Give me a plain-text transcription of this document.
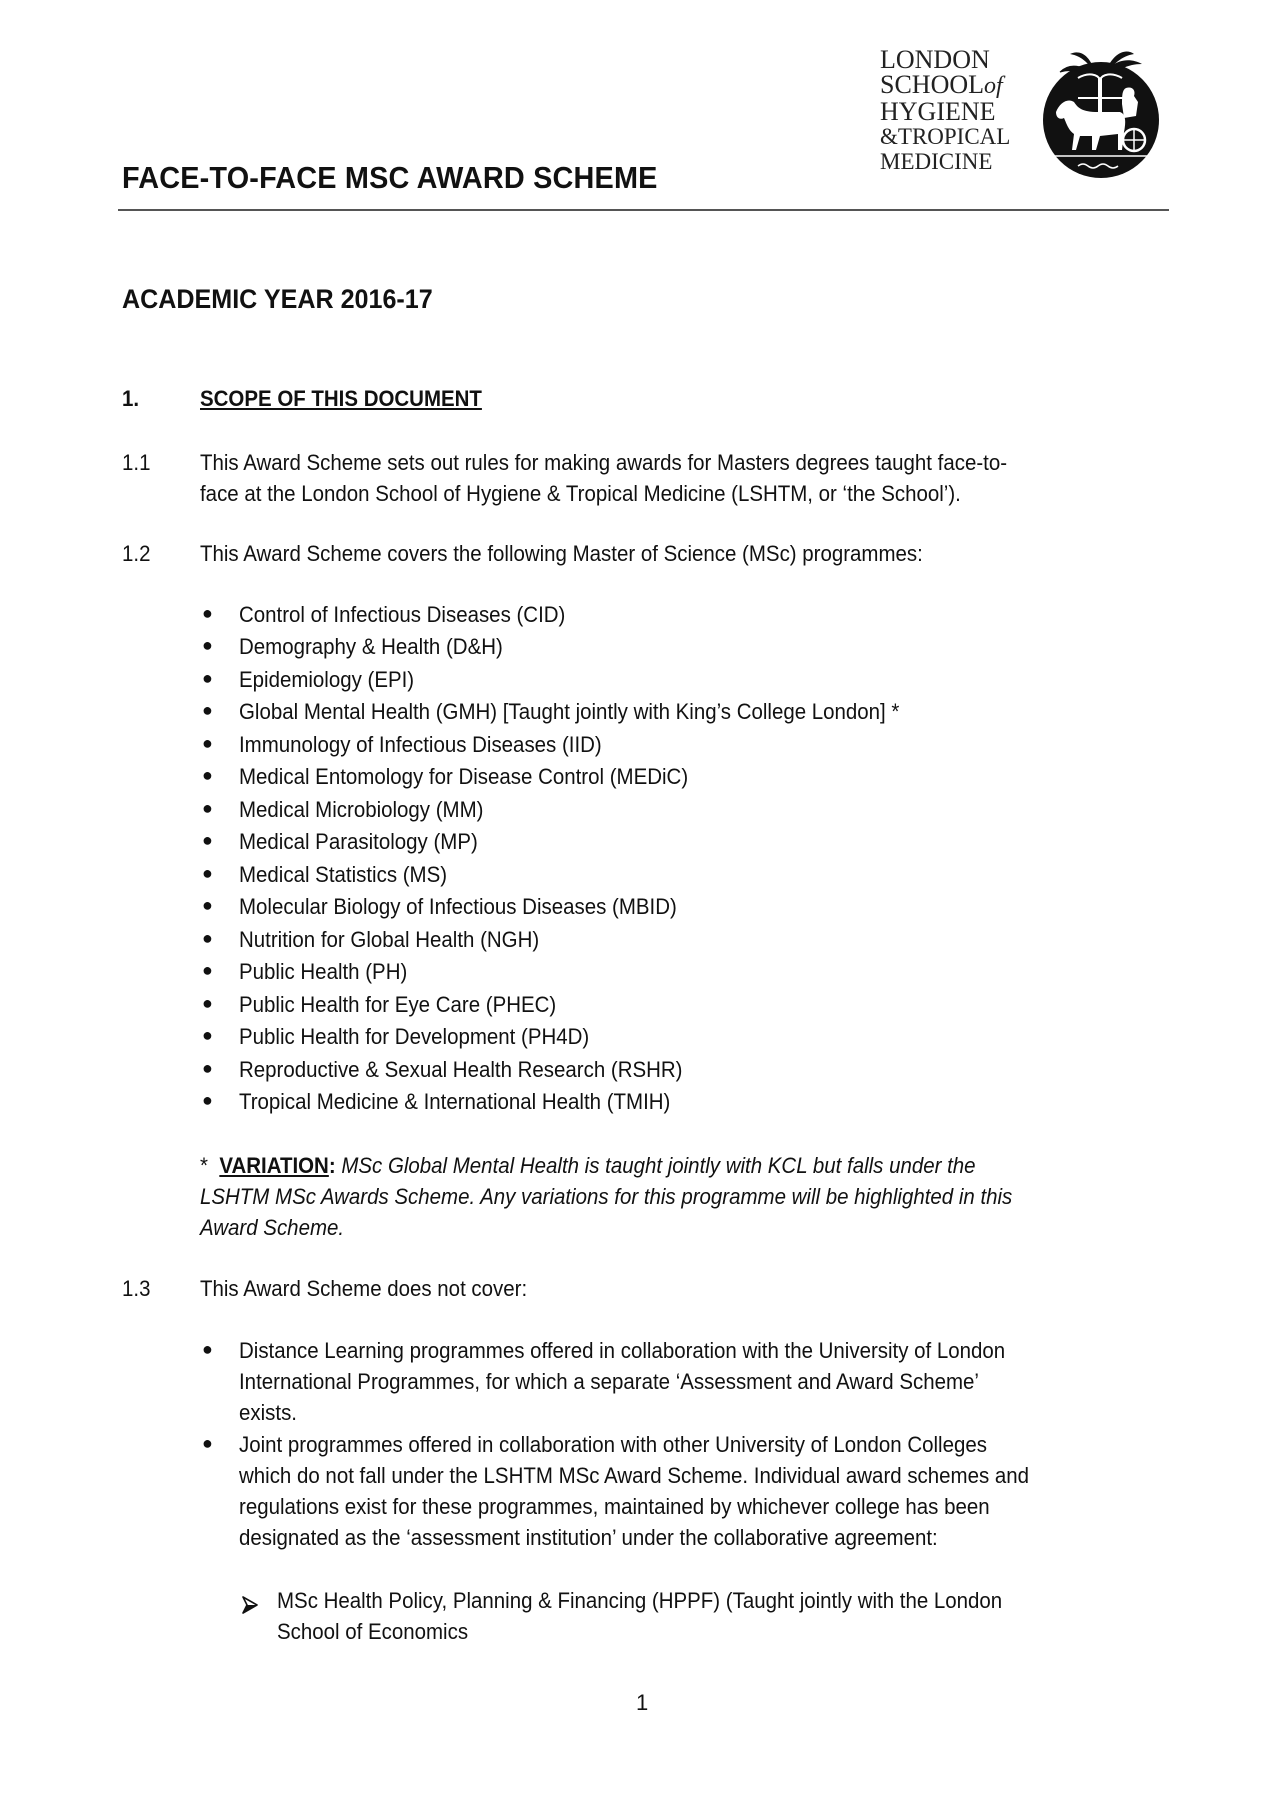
LONDON
SCHOOLof
HYGIENE
&TROPICAL
MEDICINE
FACE-TO-FACE MSC AWARD SCHEME
ACADEMIC YEAR 2016-17
1.	SCOPE OF THIS DOCUMENT
1.1 This Award Scheme sets out rules for making awards for Masters degrees taught face-to-
face at the London School of Hygiene & Tropical Medicine (LSHTM, or ‘the School’).
1.2 This Award Scheme covers the following Master of Science (MSc) programmes:
● Control of Infectious Diseases (CID)
● Demography & Health (D&H)
● Epidemiology (EPI)
● Global Mental Health (GMH) [Taught jointly with King’s College London] *
● Immunology of Infectious Diseases (IID)
● Medical Entomology for Disease Control (MEDiC)
● Medical Microbiology (MM)
● Medical Parasitology (MP)
● Medical Statistics (MS)
● Molecular Biology of Infectious Diseases (MBID)
● Nutrition for Global Health (NGH)
● Public Health (PH)
● Public Health for Eye Care (PHEC)
● Public Health for Development (PH4D)
● Reproductive & Sexual Health Research (RSHR)
● Tropical Medicine & International Health (TMIH)
* VARIATION: MSc Global Mental Health is taught jointly with KCL but falls under the
LSHTM MSc Awards Scheme. Any variations for this programme will be highlighted in this
Award Scheme.
1.3 This Award Scheme does not cover:
● Distance Learning programmes offered in collaboration with the University of London
International Programmes, for which a separate ‘Assessment and Award Scheme’
exists.
● Joint programmes offered in collaboration with other University of London Colleges
which do not fall under the LSHTM MSc Award Scheme. Individual award schemes and
regulations exist for these programmes, maintained by whichever college has been
designated as the ‘assessment institution’ under the collaborative agreement:
MSc Health Policy, Planning & Financing (HPPF) (Taught jointly with the London
School of Economics
1
